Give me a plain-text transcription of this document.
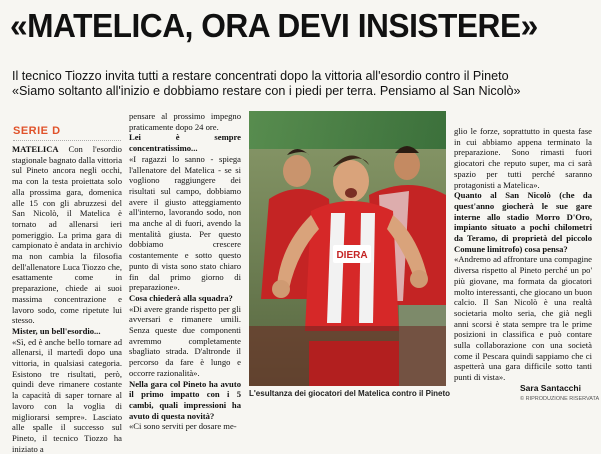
«MATELICA, ORA DEVI INSISTERE»
Il tecnico Tiozzo invita tutti a restare concentrati dopo la vittoria all'esordio contro il Pineto
«Siamo soltanto all'inizio e dobbiamo restare con i piedi per terra. Pensiamo al San Nicolò»
SERIE D

MATELICA Con l'esordio stagionale bagnato dalla vittoria sul Pineto ancora negli occhi, ma con la testa proiettata solo alla prossima gara, domenica alle 15 con gli abruzzesi del San Nicolò, il Matelica è tornato ad allenarsi ieri pomeriggio. La prima gara di campionato è andata in archivio ma non cambia la filosofia dell'allenatore Luca Tiozzo che, esattamente come in preparazione, chiede ai suoi massima concentrazione e lavoro sodo, come ripetute lui stesso.

Mister, un bell'esordio...

«Sì, ed è anche bello tornare ad allenarsi, il martedì dopo una vittoria, in qualsiasi categoria. Esistono tre risultati, però, quindi deve rimanere costante la capacità di saper tornare al lavoro con la voglia di migliorarsi sempre». Lasciato alle spalle il successo sul Pineto, il tecnico Tiozzo ha iniziato a

pensare al prossimo impegno praticamente dopo 24 ore.

Lei è sempre concentratissimo...

«I ragazzi lo sanno - spiega l'allenatore del Matelica - se si vogliono raggiungere dei risultati sul campo, dobbiamo avere il giusto atteggiamento all'interno, lavorando sodo, non ma anche al di fuori, avendo la mentalità giusta. Per questo dobbiamo crescere costantemente e sotto questo punto di vista sono stato chiaro fin dal primo giorno di preparazione».

Cosa chiederà alla squadra?

«Di avere grande rispetto per gli avversari e rimanere umili. Senza queste due componenti avremmo completamente sbagliato strada. D'altronde il percorso da fare è lungo e occorre razionalità».

Nella gara col Pineto ha avuto il primo impatto con i 5 cambi, quali impressioni ha avuto di questa novità?

«Ci sono serviti per dosare me-

DIERA
L'esultanza dei giocatori del Matelica contro il Pineto

glio le forze, soprattutto in questa fase in cui abbiamo appena terminato la preparazione. Sono rimasti fuori giocatori che reputo super, ma ci sarà spazio per tutti perché saranno protagonisti a Matelica».

Quanto al San Nicolò (che da quest'anno giocherà le sue gare interne allo stadio Morro D'Oro, impianto situato a pochi chilometri da Teramo, di proprietà del piccolo Comune limitrofo) cosa pensa?

«Andremo ad affrontare una compagine diversa rispetto al Pineto perché un po' più giovane, ma formata da giocatori molto interessanti, che giocano un buon calcio. Il San Nicolò è una realtà societaria molto seria, che già negli anni scorsi è stata sempre tra le prime posizioni in classifica e può contare sulla collaborazione con una società come il Pescara quindi sappiamo che ci aspetterà una gara difficile sotto tanti punti di vista».

Sara Santacchi
© RIPRODUZIONE RISERVATA
